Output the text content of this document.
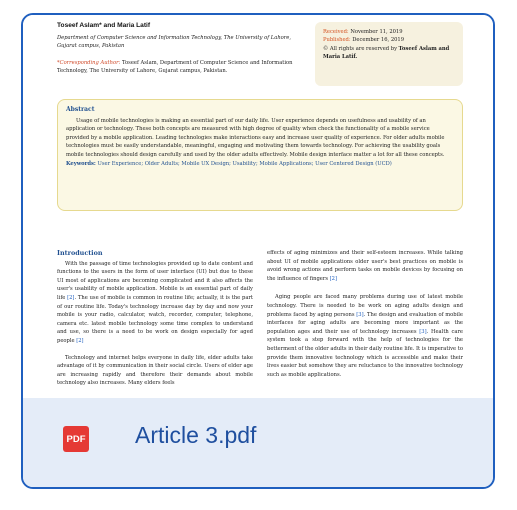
Toseef Aslam* and Maria Latif
Department of Computer Science and Information Technology, The University of Lahore, Gujarat campus, Pakistan
*Corresponding Author: Toseef Aslam, Department of Computer Science and Information Technology, The University of Lahore, Gujarat campus, Pakistan.
Received: November 11, 2019
Published: December 16, 2019
© All rights are reserved by Toseef Aslam and Maria Latif.
Abstract
Usage of mobile technologies is making an essential part of our daily life. User experience depends on usefulness and usability of an application or technology. These both concepts are measured with high degree of quality when check the functionality of a mobile service provided by a mobile application. Leading technologies make interactions easy and increase user quality of experience. For older adults mobile technologies must be easily understandable, meaningful, engaging and motivating them towards technology. For achieving the usability goals mobile technologies should design carefully and used by the older adults effectively. Mobile design interface matter a lot for all these concepts.
Keywords: User Experience; Older Adults; Mobile UX Design; Usability; Mobile Applications; User Centered Design (UCD)
Introduction

With the passage of time technologies provided up to date content and functions to the users in the form of user interface (UI) but due to these UI most of applications are becoming complicated and it also affects the user's usability of mobile application. Mobile is an essential part of daily life [2]. The use of mobile is common in routine life; actually, it is the part of our routine life. Today's technology increase day by day and now your mobile is your radio, calculator, watch, recorder, computer, telephone, camera etc. latest mobile technology some time complex to understand and use, so there is a need to be work on design especially for aged people [2]

Technology and internet helps everyone in daily life, elder adults take advantage of it by communication in their social circle. Users of elder age are increasing rapidly and therefore their demands about mobile technology also increases. Many elders feels

effects of aging minimizes and their self-esteem increases. While talking about UI of mobile applications older user's best practices on mobile is avoid wrong actions and perform tasks on mobile devices by focusing on the influence of fingers [2]

Aging people are faced many problems during use of latest mobile technology. There is needed to be work on aging adults design and problems faced by aging persons [3]. The design and evaluation of mobile interfaces for aging adults are becoming more important as the population ages and their use of technology increases [3]. Health care system took a step forward with the help of technologies for the betterment of the older adults in their daily routine life. It is imperative to provide them innovative technology which is accessible and make their lives easier but somehow they are reluctance to the innovative technology such as mobile applications.

PDF Article 3.pdf
